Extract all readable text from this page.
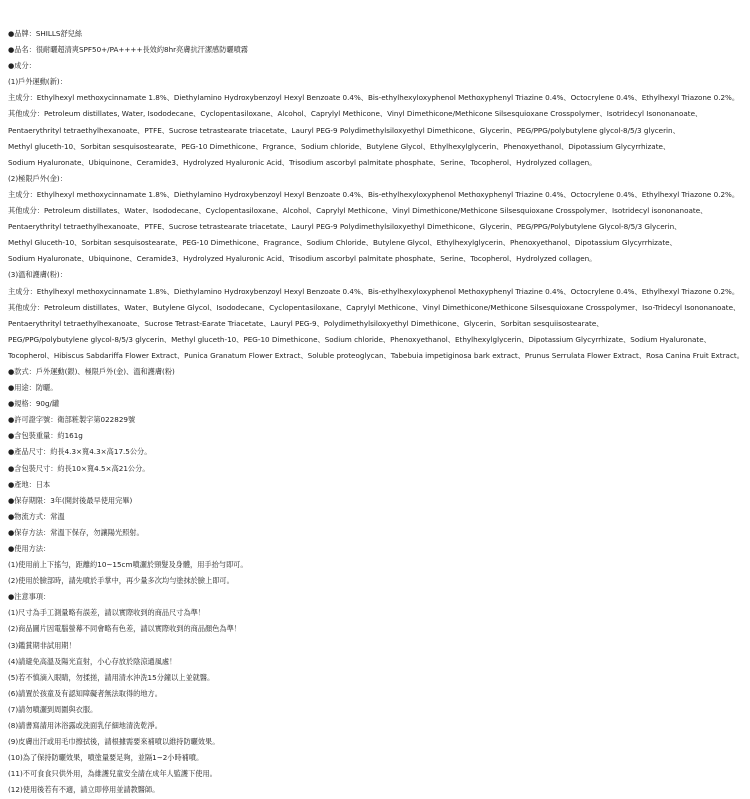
●品牌：SHILLS舒兒絲
●品名：很耐曬超清爽SPF50+/PA++++長效約8hr亮膚抗汗潔感防曬噴霧
●成分：
(1)戶外運動(新)：
主成分：Ethylhexyl methoxycinnamate 1.8%、Diethylamino Hydroxybenzoyl Hexyl Benzoate 0.4%、Bis-ethylhexyloxyphenol Methoxyphenyl Triazine 0.4%、Octocrylene 0.4%、Ethylhexyl Triazone 0.2%。
其他成分：Petroleum distillates, Water, Isododecane、Cyclopentasiloxane、Alcohol、Caprylyl Methicone、Vinyl Dimethicone/Methicone Silsesquioxane Crosspolymer、Isotridecyl Isononanoate、
Pentaerythrityl tetraethylhexanoate、PTFE、Sucrose tetrastearate triacetate、Lauryl PEG-9 Polydimethylsiloxyethyl Dimethicone、Glycerin、PEG/PPG/polybutylene glycol-8/5/3 glycerin、
Methyl gluceth-10、Sorbitan sesquisostearate、PEG-10 Dimethicone、Frgrance、Sodium chloride、Butylene Glycol、Ethylhexylglycerin、Phenoxyethanol、Dipotassium Glycyrrhizate、
Sodium Hyaluronate、Ubiquinone、Ceramide3、Hydrolyzed Hyaluronic Acid、Trisodium ascorbyl palmitate phosphate、Serine、Tocopherol、Hydrolyzed collagen。
(2)極限戶外(金)：
主成分：Ethylhexyl methoxycinnamate 1.8%、Diethylamino Hydroxybenzoyl Hexyl Benzoate 0.4%、Bis-ethylhexyloxyphenol Methoxyphenyl Triazine 0.4%、Octocrylene 0.4%、Ethylhexyl Triazone 0.2%。
其他成分：Petroleum distillates、Water、Isododecane、Cyclopentasiloxane、Alcohol、Caprylyl Methicone、Vinyl Dimethicone/Methicone Silsesquioxane Crosspolymer、Isotridecyl isononanoate、
Pentaerythrityl tetraethylhexanoate、PTFE、Sucrose tetrastearate triacetate、Lauryl PEG-9 Polydimethylsiloxyethyl Dimethicone、Glycerin、PEG/PPG/Polybutylene Glycol-8/5/3 Glycerin、
Methyl Gluceth-10、Sorbitan sesquisostearate、PEG-10 Dimethicone、Fragrance、Sodium Chloride、Butylene Glycol、Ethylhexylglycerin、Phenoxyethanol、Dipotassium Glycyrrhizate、
Sodium Hyaluronate、Ubiquinone、Ceramide3、Hydrolyzed Hyaluronic Acid、Trisodium ascorbyl palmitate phosphate、Serine、Tocopherol、Hydrolyzed collagen。
(3)溫和護膚(粉)：
主成分：Ethylhexyl methoxycinnamate 1.8%、Diethylamino Hydroxybenzoyl Hexyl Benzoate 0.4%、Bis-ethylhexyloxyphenol Methoxyphenyl Triazine 0.4%、Octocrylene 0.4%、Ethylhexyl Triazone 0.2%。
其他成分：Petroleum distillates、Water、Butylene Glycol、Isododecane、Cyclopentasiloxane、Caprylyl Methicone、Vinyl Dimethicone/Methicone Silsesquioxane Crosspolymer、Iso-Tridecyl Isononanoate、
Pentaerythrityl tetraethylhexanoate、Sucrose Tetrast-Earate Triacetate、Lauryl PEG-9、Polydimethylsiloxyethyl Dimethicone、Glycerin、Sorbitan sesquiisostearate、
PEG/PPG/polybutylene glycol-8/5/3 glycerin、Methyl gluceth-10、PEG-10 Dimethicone、Sodium chloride、Phenoxyethanol、Ethylhexylglycerin、Dipotassium Glycyrrhizate、Sodium Hyaluronate、
Tocopherol、Hibiscus Sabdariffa Flower Extract、Punica Granatum Flower Extract、Soluble proteoglycan、Tabebuia impetiginosa bark extract、Prunus Serrulata Flower Extract、Rosa Canina Fruit Extract。
●款式：戶外運動(銀)、極限戶外(金)、溫和護膚(粉)
●用途：防曬。
●規格：90g/罐
●許可證字號：衛部粧製字第022829號
●含包裝重量：約161g
●產品尺寸：約長4.3×寬4.3×高17.5公分。
●含包裝尺寸：約長10×寬4.5×高21公分。
●產地：日本
●保存期限：3年(開封後最早使用完畢)
●物流方式：常溫
●保存方法：常溫下保存，勿讓陽光照射。
●使用方法：
(1)使用前上下搖勻，距離約10~15cm噴灑於頸髮及身體，用手抬勻即可。
(2)使用於臉部時，請先噴於手掌中，再少量多次均勻塗抹於臉上即可。
●注意事項：
(1)尺寸為手工測量略有誤差，請以實際收到的商品尺寸為準！
(2)商品圖片因電腦螢幕不同會略有色差，請以實際收到的商品顏色為準！
(3)鑑賞期非試用期！
(4)請避免高溫及陽光直射，小心存放於陰涼通風處！
(5)若不慎滴入眼睛，勿揉搓，請用清水沖洗15分鐘以上並就醫。
(6)請置於孩童及有認知障礙者無法取得的地方。
(7)請勿噴灑到周圍與衣服。
(8)請書寫請用沐浴露或洗面乳仔細地清洗乾淨。
(9)皮膚出汗或用毛巾擦拭後，請根據需要來補噴以維持防曬效果。
(10)為了保持防曬效果，噴塗量要足夠，並隔1~2小時補噴。
(11)不可食食只供外用，為維護兒童安全請在成年人監護下使用。
(12)使用後若有不適，請立即停用並請教醫師。
